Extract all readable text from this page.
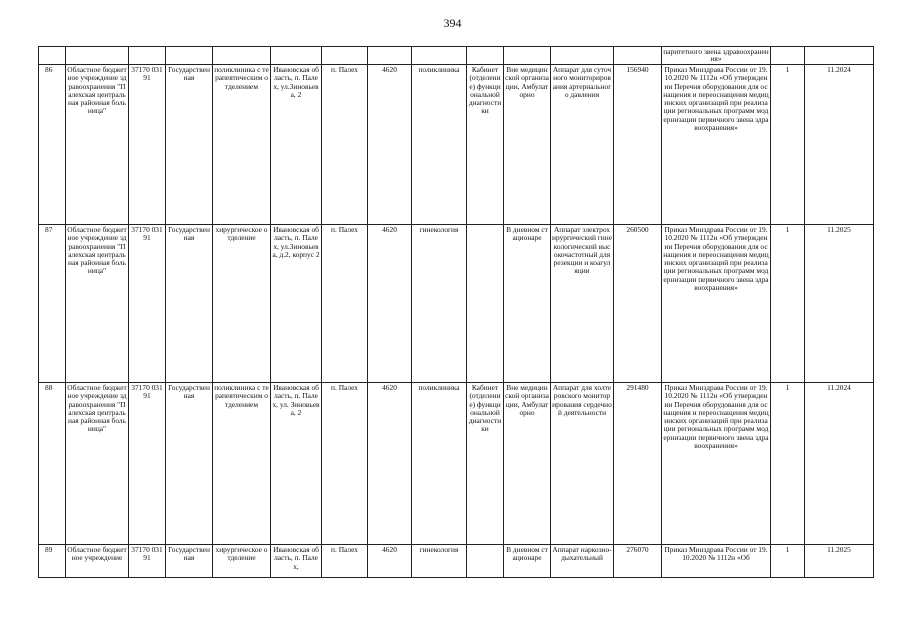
394
													паритетного звена здравоохранения»		
86	Областное бюджетное учреждение здравоохранения "Палехская центральная районная больница"	37170 03191	Государственная	поликлиника с терапевтическим отделением	Ивановская область, п. Палех, ул.Зиновьева, 2	п. Палех	4620	поликлиника	Кабинет (отделение) функциональной диагностики	Вне медицинской организации, Амбулаторно	Аппарат для суточного мониторирования артериального давления	156940	Приказ Минздрава России от 19.10.2020 № 1112н «Об утверждении Перечня оборудования для оснащения и переоснащения медицинских организаций при реализации региональных программ модернизации первичного звена здравоохранения»	1	11.2024
87	Областное бюджетное учреждение здравоохранения "Палехская центральная районная больница"	37170 03191	Государственная	хирургическое отделение	Ивановская область, п. Палех, ул.Зиновьева, д.2, корпус 2	п. Палех	4620	гинекология		В дневном стационаре	Аппарат электрохирургический гинекологический высокочастотный для резекции и коагуляции	260500	Приказ Минздрава России от 19.10.2020 № 1112н «Об утверждении Перечня оборудования для оснащения и переоснащения медицинских организаций при реализации региональных программ модернизации первичного звена здравоохранения»	1	11.2025
88	Областное бюджетное учреждение здравоохранения "Палехская центральная районная больница"	37170 03191	Государственная	поликлиника с терапевтическим отделением	Ивановская область, п. Палех, ул. Зиновьева, 2	п. Палех	4620	поликлиника	Кабинет (отделение) функциональной диагностики	Вне медицинской организации, Амбулаторно	Аппарат для холтеровского мониторирования сердечной деятельности	291480	Приказ Минздрава России от 19.10.2020 № 1112н «Об утверждении Перечня оборудования для оснащения и переоснащения медицинских организаций при реализации региональных программ модернизации первичного звена здравоохранения»	1	11.2024
89	Областное бюджетное учреждение	37170 03191	Государственная	хирургическое отделение	Ивановская область, п. Палех,	п. Палех	4620	гинекология		В дневном стационаре	Аппарат наркозно-дыхательный	276070	Приказ Минздрава России от 19.10.2020 № 1112н «Об	1	11.2025
